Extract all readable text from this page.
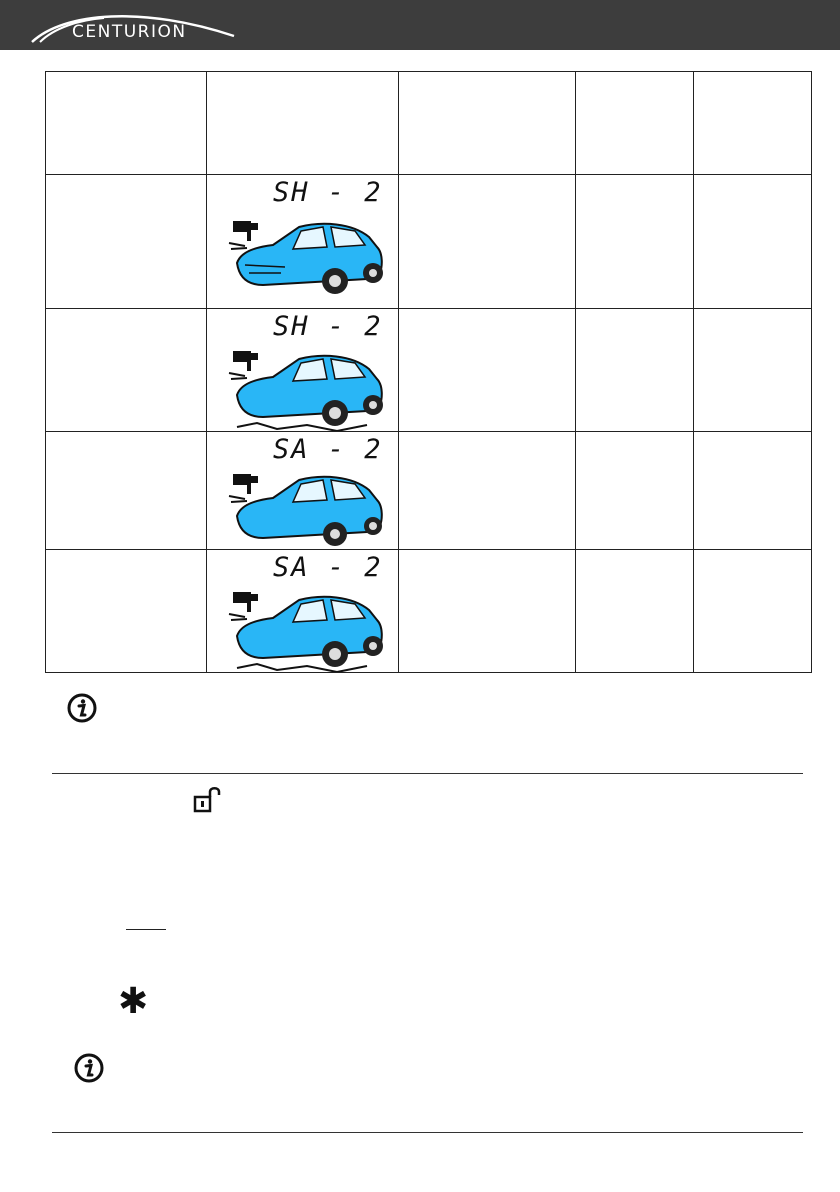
CENTURION

	SH - 2			

	SH - 2			

	SA - 2			

	SA - 2			

✱
